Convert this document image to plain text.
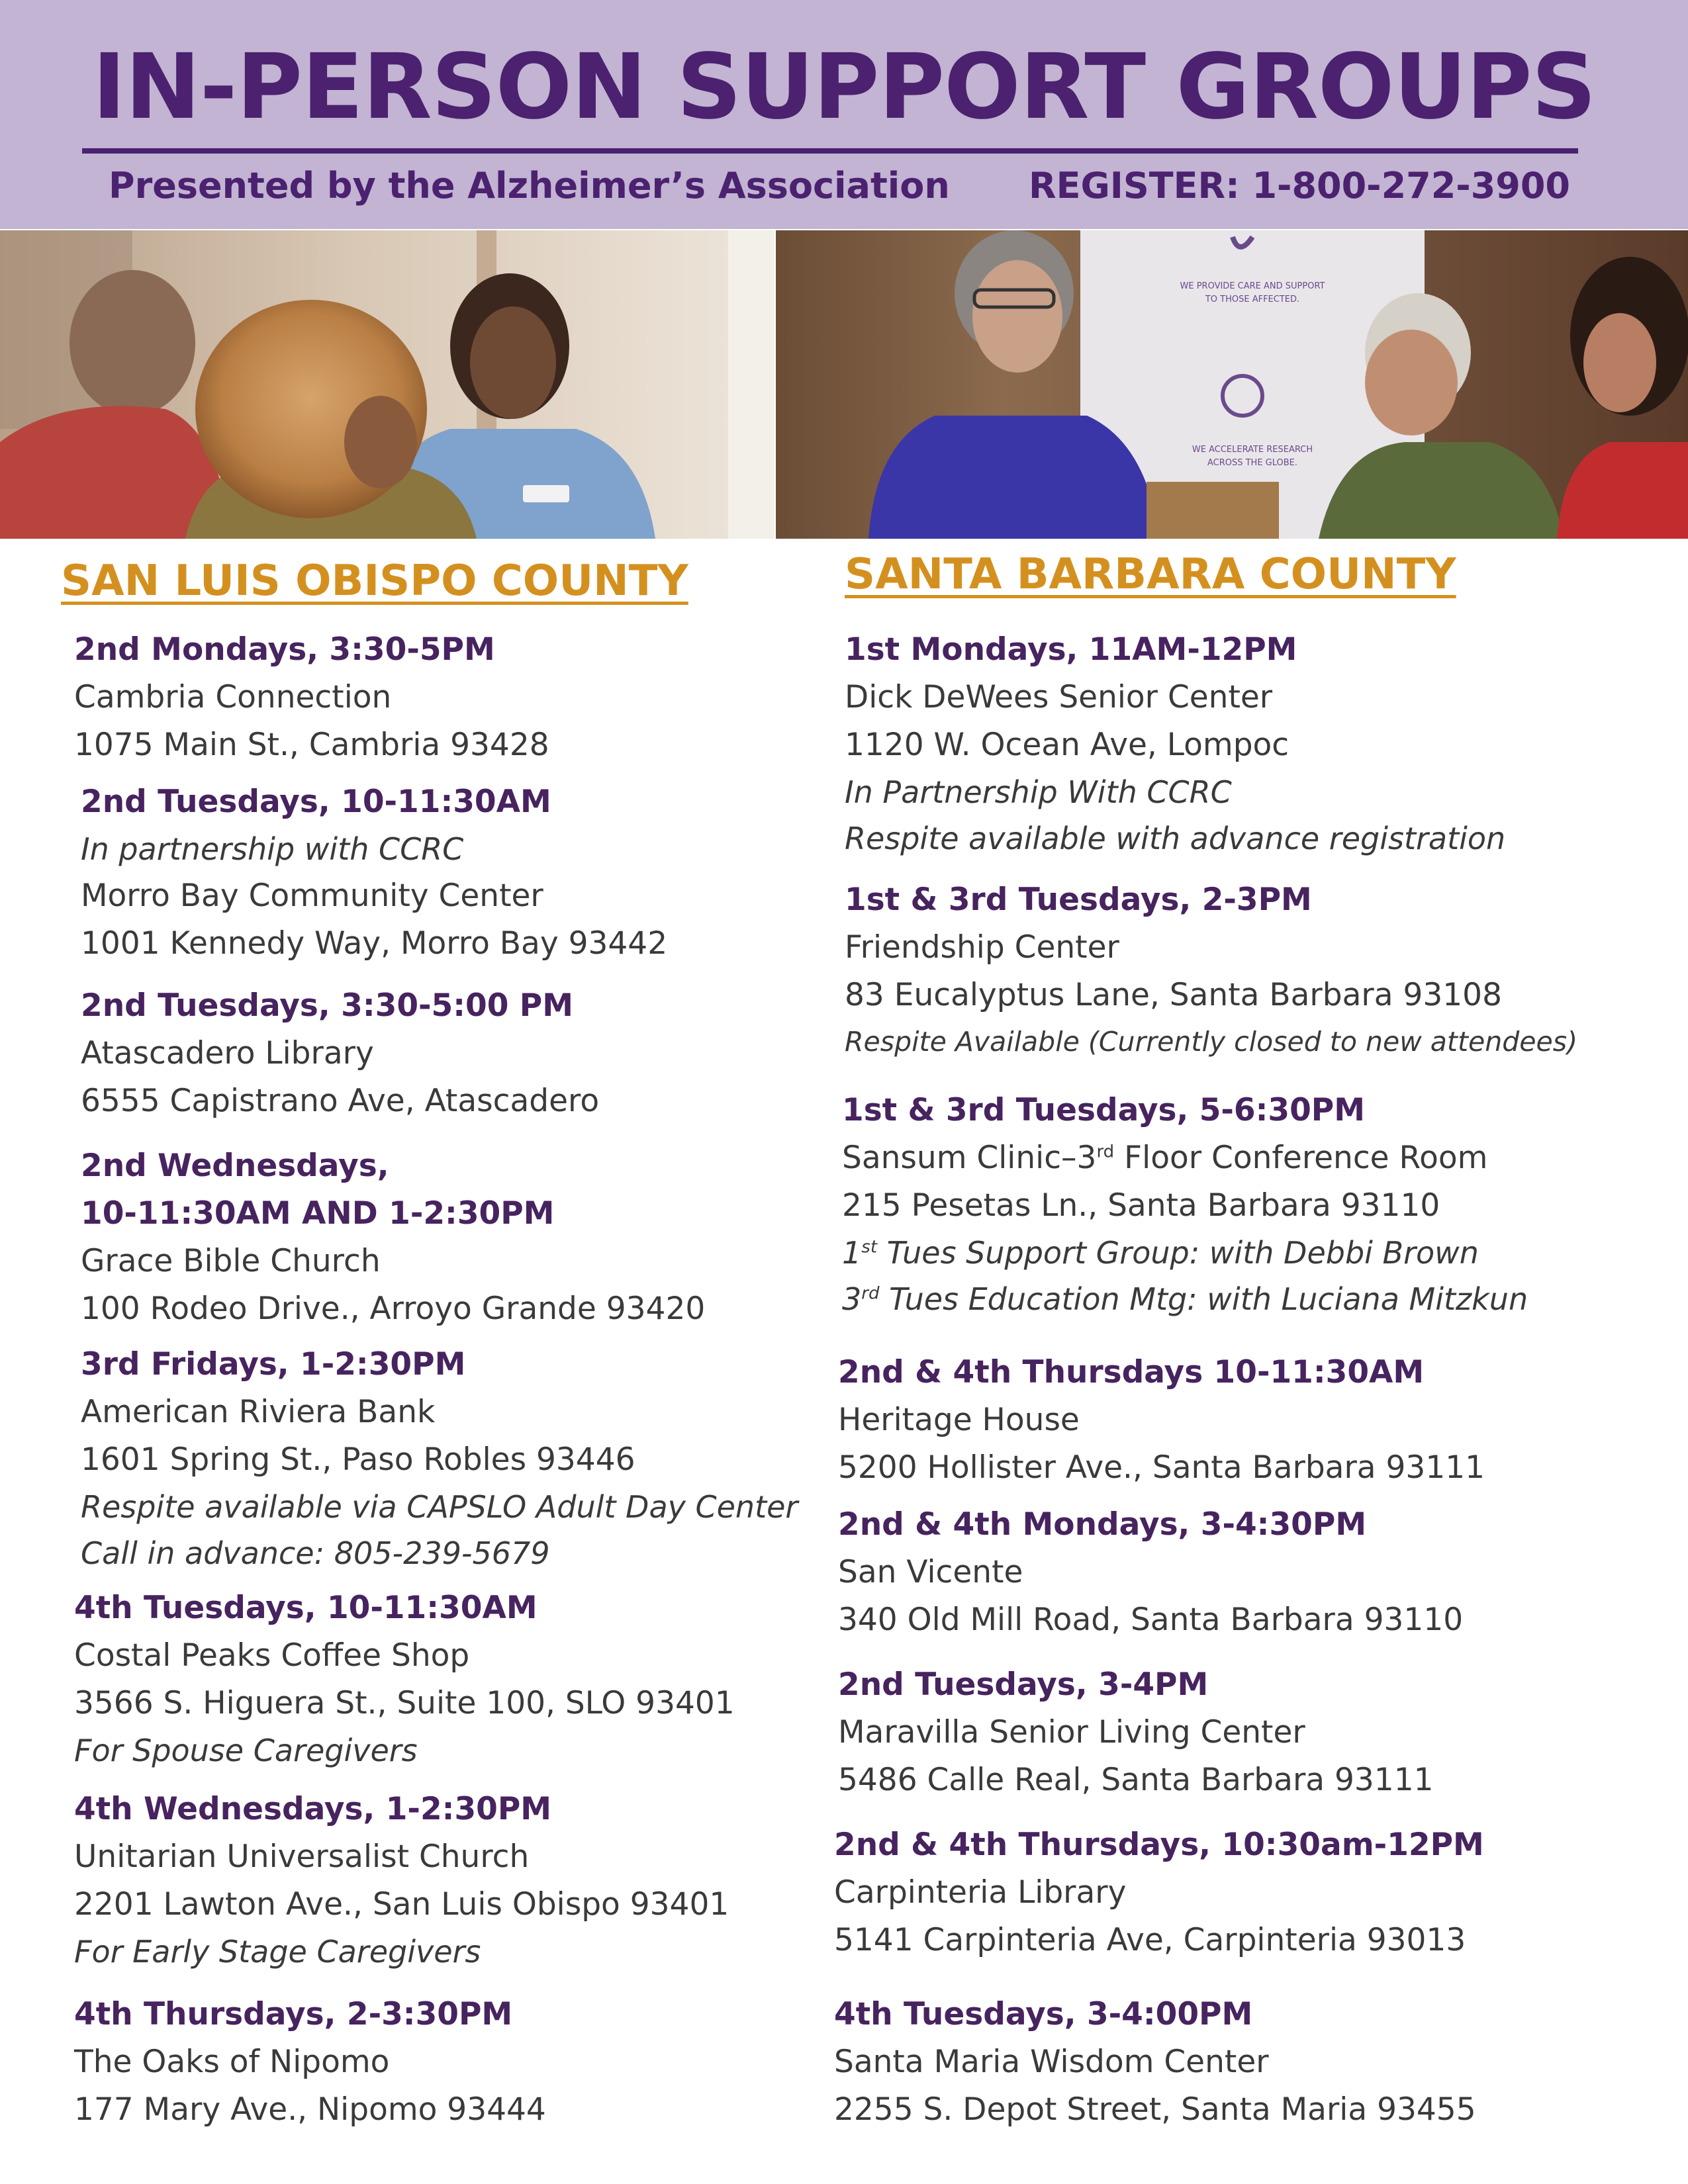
IN-PERSON SUPPORT GROUPS
Presented by the Alzheimer’s Association REGISTER: 1-800-272-3900
WE PROVIDE CARE AND SUPPORT
TO THOSE AFFECTED.
WE ACCELERATE RESEARCH
ACROSS THE GLOBE.
SAN LUIS OBISPO COUNTY
2nd Mondays, 3:30-5PM
Cambria Connection
1075 Main St., Cambria 93428
2nd Tuesdays, 10-11:30AM
In partnership with CCRC
Morro Bay Community Center
1001 Kennedy Way, Morro Bay 93442
2nd Tuesdays, 3:30-5:00 PM
Atascadero Library
6555 Capistrano Ave, Atascadero
2nd Wednesdays,
10-11:30AM AND 1-2:30PM
Grace Bible Church
100 Rodeo Drive., Arroyo Grande 93420
3rd Fridays, 1-2:30PM
American Riviera Bank
1601 Spring St., Paso Robles 93446
Respite available via CAPSLO Adult Day Center
Call in advance: 805-239-5679
4th Tuesdays, 10-11:30AM
Costal Peaks Coffee Shop
3566 S. Higuera St., Suite 100, SLO 93401
For Spouse Caregivers
4th Wednesdays, 1-2:30PM
Unitarian Universalist Church
2201 Lawton Ave., San Luis Obispo 93401
For Early Stage Caregivers
4th Thursdays, 2-3:30PM
The Oaks of Nipomo
177 Mary Ave., Nipomo 93444
SANTA BARBARA COUNTY
1st Mondays, 11AM-12PM
Dick DeWees Senior Center
1120 W. Ocean Ave, Lompoc
In Partnership With CCRC
Respite available with advance registration
1st & 3rd Tuesdays, 2-3PM
Friendship Center
83 Eucalyptus Lane, Santa Barbara 93108
Respite Available (Currently closed to new attendees)
1st & 3rd Tuesdays, 5-6:30PM
Sansum Clinic–3rd Floor Conference Room
215 Pesetas Ln., Santa Barbara 93110
1st Tues Support Group: with Debbi Brown
3rd Tues Education Mtg: with Luciana Mitzkun
2nd & 4th Thursdays 10-11:30AM
Heritage House
5200 Hollister Ave., Santa Barbara 93111
2nd & 4th Mondays, 3-4:30PM
San Vicente
340 Old Mill Road, Santa Barbara 93110
2nd Tuesdays, 3-4PM
Maravilla Senior Living Center
5486 Calle Real, Santa Barbara 93111
2nd & 4th Thursdays, 10:30am-12PM
Carpinteria Library
5141 Carpinteria Ave, Carpinteria 93013
4th Tuesdays, 3-4:00PM
Santa Maria Wisdom Center
2255 S. Depot Street, Santa Maria 93455
